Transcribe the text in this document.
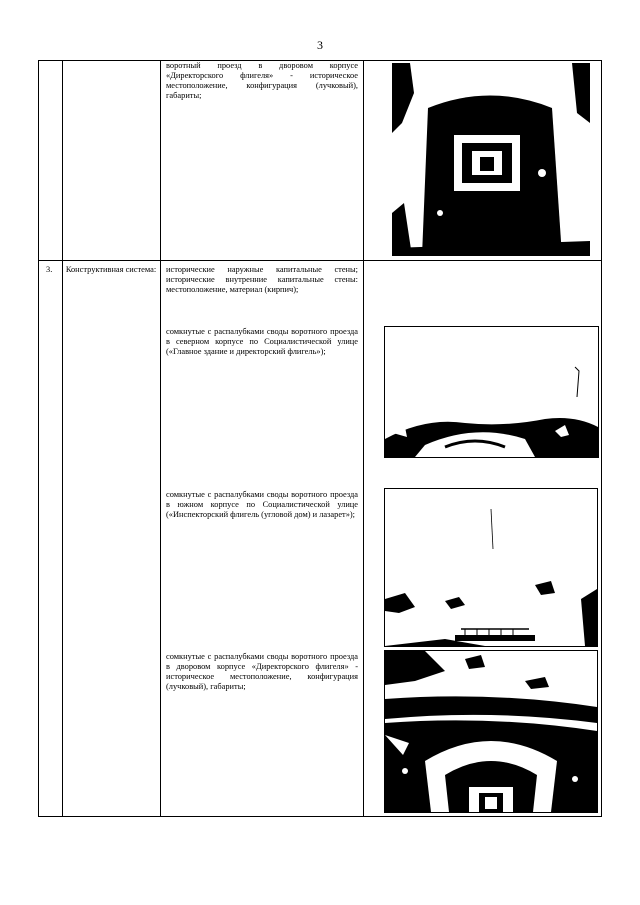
3
воротный проезд в дворовом корпусе «Директорского флигеля» - историческое местоположение, конфигурация (лучковый), габариты;
3.	Конструктивная система: исторические наружные капитальные стены; исторические внутренние капитальные стены: местоположение, материал (кирпич);
сомкнутые с распалубками своды воротного проезда в северном корпусе по Социалистической улице («Главное здание и директорский флигель»);
сомкнутые с распалубками своды воротного проезда в южном корпусе по Социалистической улице («Инспекторский флигель (угловой дом) и лазарет»);
сомкнутые с распалубками своды воротного проезда в дворовом корпусе «Директорского флигеля» - историческое местоположение, конфигурация (лучковый), габариты;
